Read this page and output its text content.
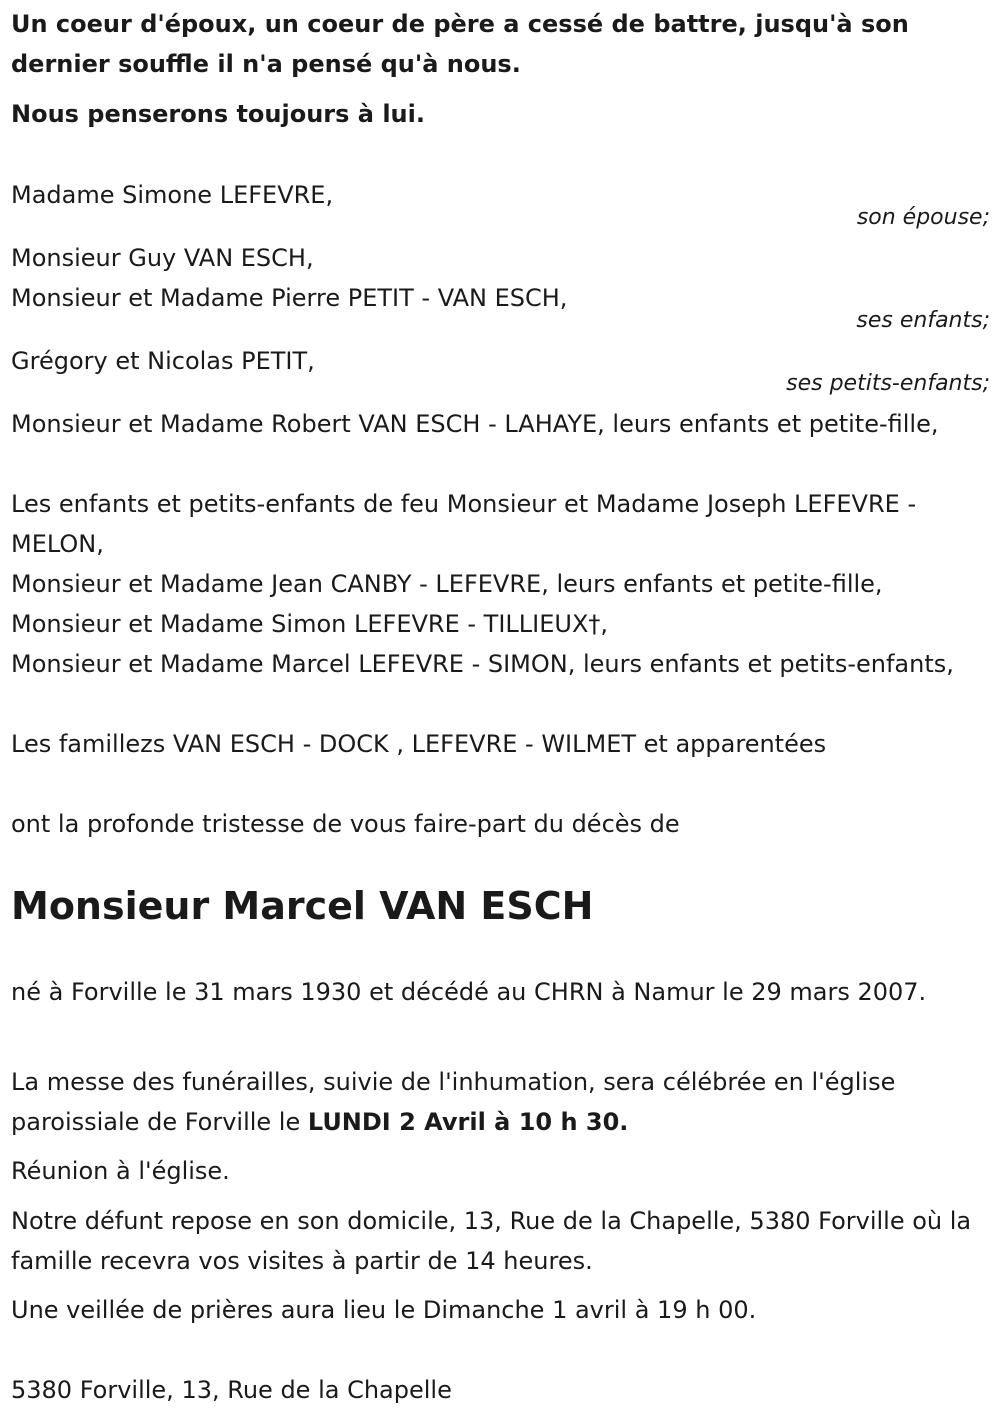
Un coeur d'époux, un coeur de père a cessé de battre, jusqu'à son dernier souffle il n'a pensé qu'à nous.

Nous penserons toujours à lui.

Madame Simone LEFEVRE,

son épouse;

Monsieur Guy VAN ESCH,

Monsieur et Madame Pierre PETIT - VAN ESCH,

ses enfants;

Grégory et Nicolas PETIT,

ses petits-enfants;

Monsieur et Madame Robert VAN ESCH - LAHAYE, leurs enfants et petite-fille,

Les enfants et petits-enfants de feu Monsieur et Madame Joseph LEFEVRE - MELON,

Monsieur et Madame Jean CANBY - LEFEVRE, leurs enfants et petite-fille,

Monsieur et Madame Simon LEFEVRE - TILLIEUX†,

Monsieur et Madame Marcel LEFEVRE - SIMON, leurs enfants et petits-enfants,

Les famillezs VAN ESCH - DOCK , LEFEVRE - WILMET et apparentées

ont la profonde tristesse de vous faire-part du décès de

Monsieur Marcel VAN ESCH

né à Forville le 31 mars 1930 et décédé au CHRN à Namur le 29 mars 2007.

La messe des funérailles, suivie de l'inhumation, sera célébrée en l'église paroissiale de Forville le LUNDI 2 Avril à 10 h 30.

Réunion à l'église.

Notre défunt repose en son domicile, 13, Rue de la Chapelle, 5380 Forville où la famille recevra vos visites à partir de 14 heures.

Une veillée de prières aura lieu le Dimanche 1 avril à 19 h 00.

5380 Forville, 13, Rue de la Chapelle
